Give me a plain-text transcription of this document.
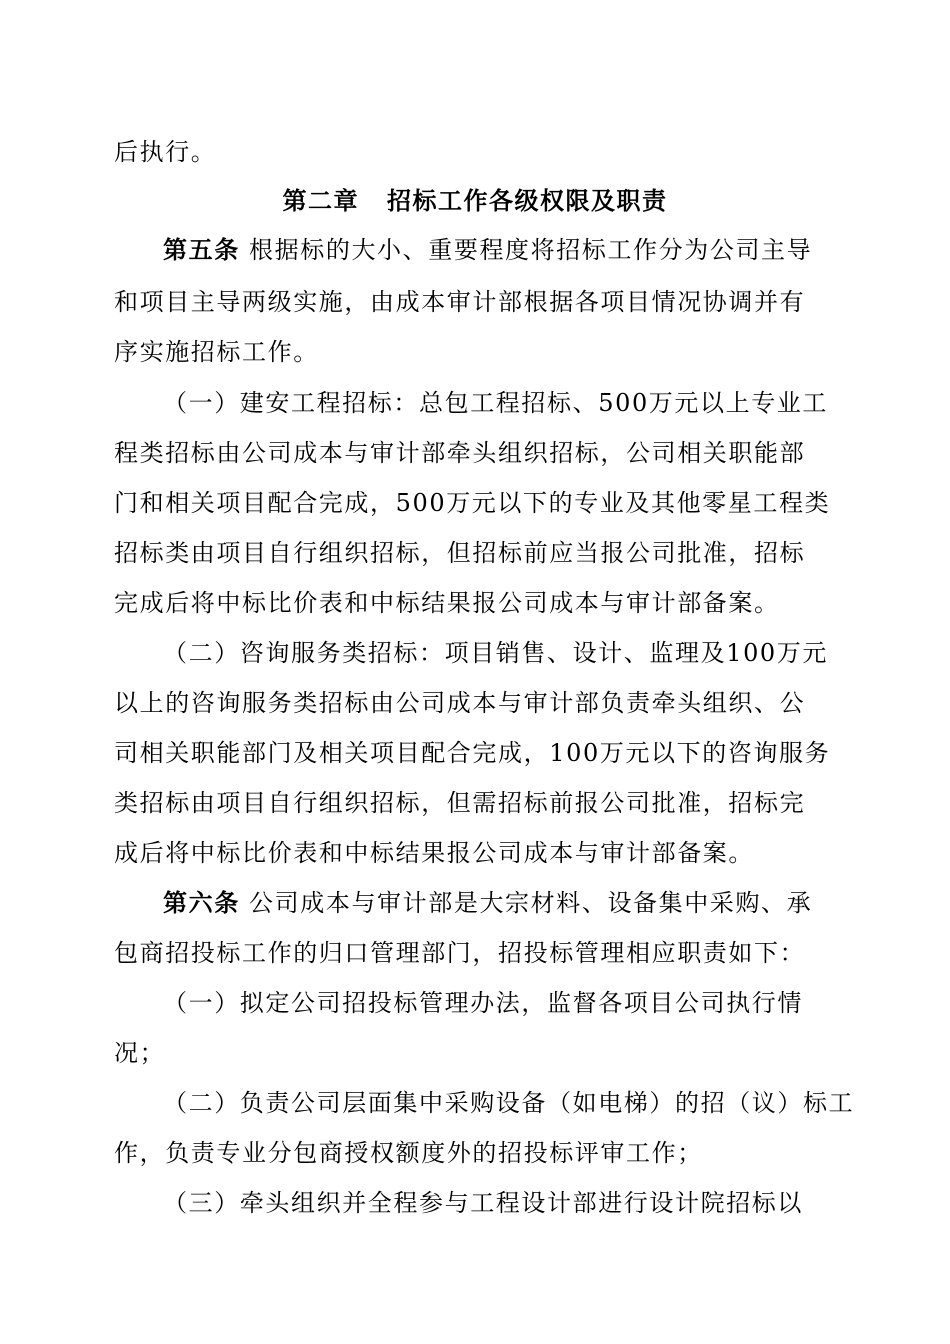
后执行。
第二章 招标工作各级权限及职责
第五条 根据标的大小、重要程度将招标工作分为公司主导
和项目主导两级实施，由成本审计部根据各项目情况协调并有
序实施招标工作。
（一）建安工程招标：总包工程招标、500万元以上专业工
程类招标由公司成本与审计部牵头组织招标，公司相关职能部
门和相关项目配合完成，500万元以下的专业及其他零星工程类
招标类由项目自行组织招标，但招标前应当报公司批准，招标
完成后将中标比价表和中标结果报公司成本与审计部备案。
（二）咨询服务类招标：项目销售、设计、监理及100万元
以上的咨询服务类招标由公司成本与审计部负责牵头组织、公
司相关职能部门及相关项目配合完成，100万元以下的咨询服务
类招标由项目自行组织招标，但需招标前报公司批准，招标完
成后将中标比价表和中标结果报公司成本与审计部备案。
第六条 公司成本与审计部是大宗材料、设备集中采购、承
包商招投标工作的归口管理部门，招投标管理相应职责如下：
（一）拟定公司招投标管理办法，监督各项目公司执行情
况；
（二）负责公司层面集中采购设备（如电梯）的招（议）标工
作，负责专业分包商授权额度外的招投标评审工作；
（三）牵头组织并全程参与工程设计部进行设计院招标以
